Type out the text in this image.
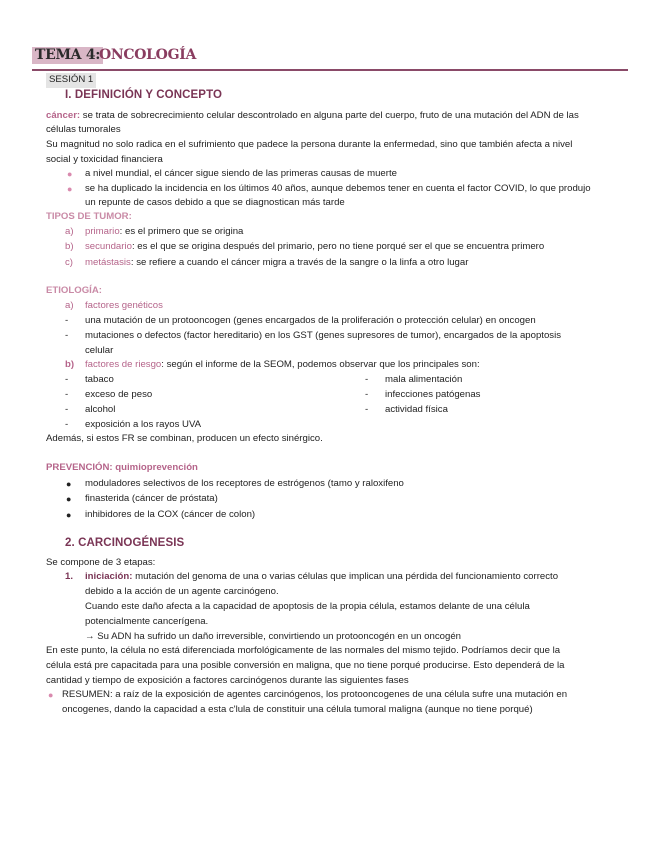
TEMA 4:
ONCOLOGÍA
SESIÓN 1
I. DEFINICIÓN Y CONCEPTO
cáncer: se trata de sobrecrecimiento celular descontrolado en alguna parte del cuerpo, fruto de una mutación del ADN de las
células tumorales
Su magnitud no solo radica en el sufrimiento que padece la persona durante la enfermedad, sino que también afecta a nivel
social y toxicidad financiera
● a nivel mundial, el cáncer sigue siendo de las primeras causas de muerte
● se ha duplicado la incidencia en los últimos 40 años, aunque debemos tener en cuenta el factor COVID, lo que produjo
un repunte de casos debido a que se diagnostican más tarde
TIPOS DE TUMOR:
a) primario: es el primero que se origina
b) secundario: es el que se origina después del primario, pero no tiene porqué ser el que se encuentra primero
c) metástasis: se refiere a cuando el cáncer migra a través de la sangre o la linfa a otro lugar
ETIOLOGÍA:
a) factores genéticos
- una mutación de un protooncogen (genes encargados de la proliferación o protección celular) en oncogen
- mutaciones o defectos (factor hereditario) en los GST (genes supresores de tumor), encargados de la apoptosis
celular
b) factores de riesgo: según el informe de la SEOM, podemos observar que los principales son:
- tabaco
- exceso de peso
- alcohol
- exposición a los rayos UVA
- mala alimentación
- infecciones patógenas
- actividad física
Además, si estos FR se combinan, producen un efecto sinérgico.
PREVENCIÓN: quimioprevención
● moduladores selectivos de los receptores de estrógenos (tamo y raloxifeno
● finasterida (cáncer de próstata)
● inhibidores de la COX (cáncer de colon)
2. CARCINOGÉNESIS
Se compone de 3 etapas:
1. iniciación: mutación del genoma de una o varias células que implican una pérdida del funcionamiento correcto
debido a la acción de un agente carcinógeno.
Cuando este daño afecta a la capacidad de apoptosis de la propia célula, estamos delante de una célula
potencialmente cancerígena.
→ Su ADN ha sufrido un daño irreversible, convirtiendo un protooncogén en un oncogén
En este punto, la célula no está diferenciada morfológicamente de las normales del mismo tejido. Podríamos decir que la
célula está pre capacitada para una posible conversión en maligna, que no tiene porqué producirse. Esto dependerá de la
cantidad y tiempo de exposición a factores carcinógenos durante las siguientes fases
● RESUMEN: a raíz de la exposición de agentes carcinógenos, los protooncogenes de una célula sufre una mutación en
oncogenes, dando la capacidad a esta c'lula de constituir una célula tumoral maligna (aunque no tiene porqué)
